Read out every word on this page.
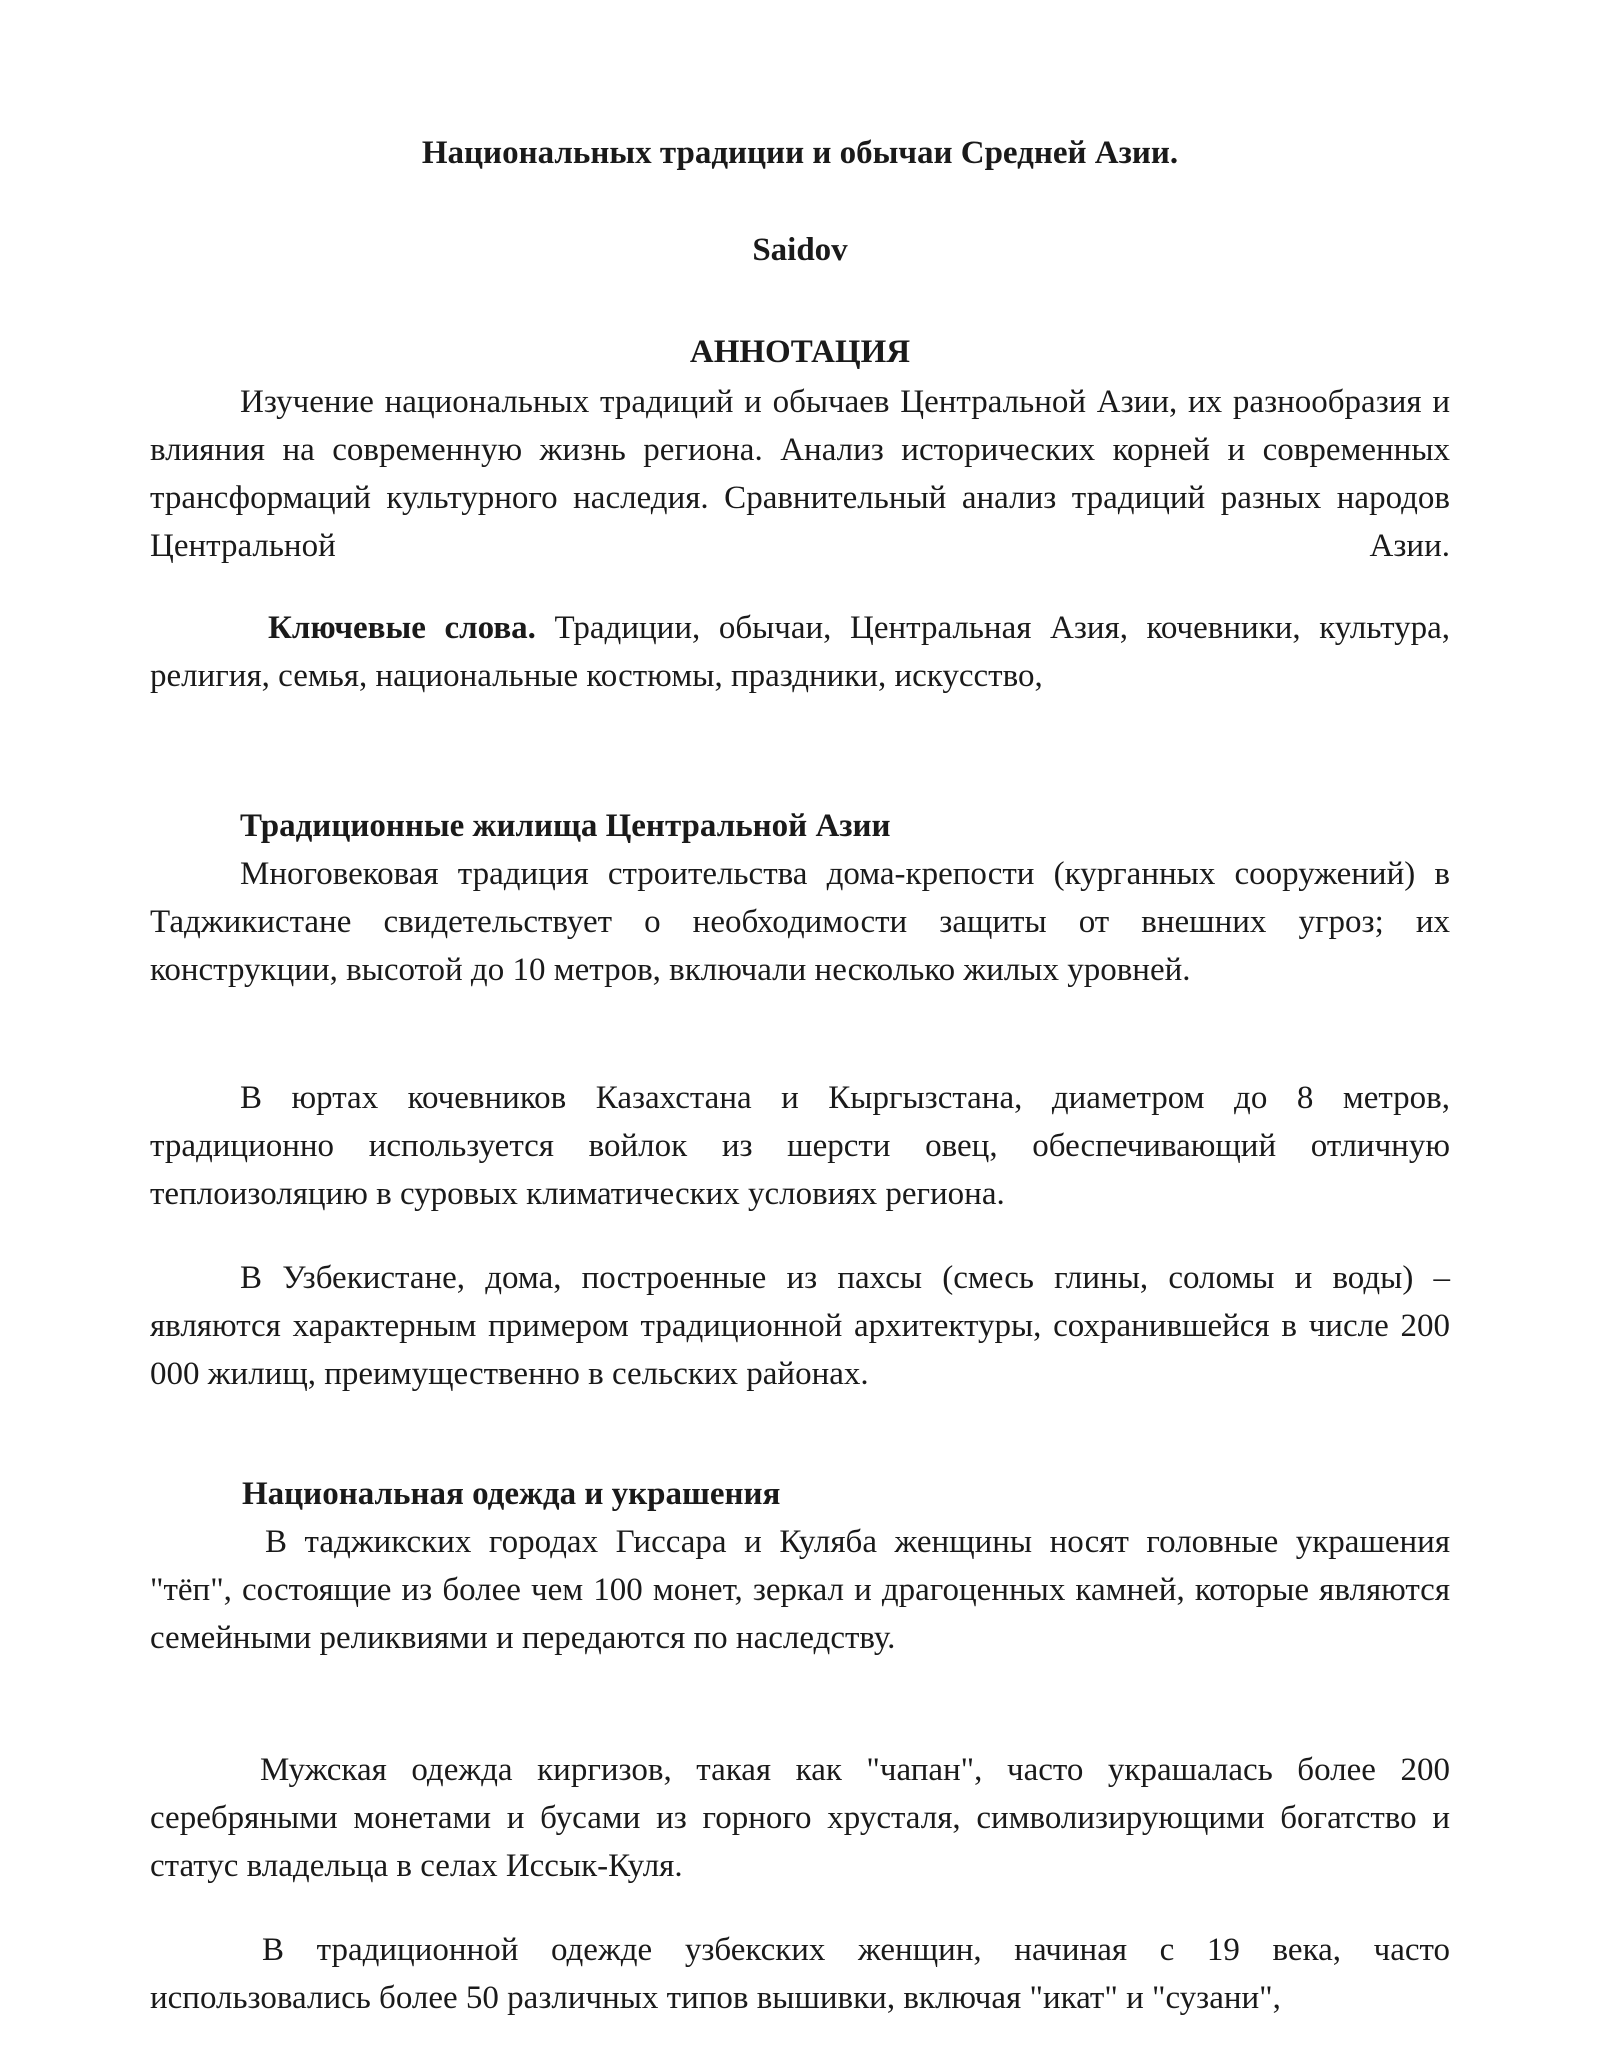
Национальных традиции и обычаи Средней Азии.
Saidov
АННОТАЦИЯ

Изучение национальных традиций и обычаев Центральной Азии, их разнообразия и влияния на современную жизнь региона. Анализ исторических корней и современных трансформаций культурного наследия. Сравнительный анализ традиций разных народов Центральной Азии.

Ключевые слова. Традиции, обычаи, Центральная Азия, кочевники, культура, религия, семья, национальные костюмы, праздники, искусство,

Традиционные жилища Центральной Азии

Многовековая традиция строительства дома-крепости (курганных сооружений) в Таджикистане свидетельствует о необходимости защиты от внешних угроз; их конструкции, высотой до 10 метров, включали несколько жилых уровней.

В юртах кочевников Казахстана и Кыргызстана, диаметром до 8 метров, традиционно используется войлок из шерсти овец, обеспечивающий отличную теплоизоляцию в суровых климатических условиях региона.

В Узбекистане, дома, построенные из пахсы (смесь глины, соломы и воды) – являются характерным примером традиционной архитектуры, сохранившейся в числе 200 000 жилищ, преимущественно в сельских районах.

Национальная одежда и украшения

В таджикских городах Гиссара и Куляба женщины носят головные украшения "тёп", состоящие из более чем 100 монет, зеркал и драгоценных камней, которые являются семейными реликвиями и передаются по наследству.

Мужская одежда киргизов, такая как "чапан", часто украшалась более 200 серебряными монетами и бусами из горного хрусталя, символизирующими богатство и статус владельца в селах Иссык-Куля.

В традиционной одежде узбекских женщин, начиная с 19 века, часто использовались более 50 различных типов вышивки, включая "икат" и "сузани",
